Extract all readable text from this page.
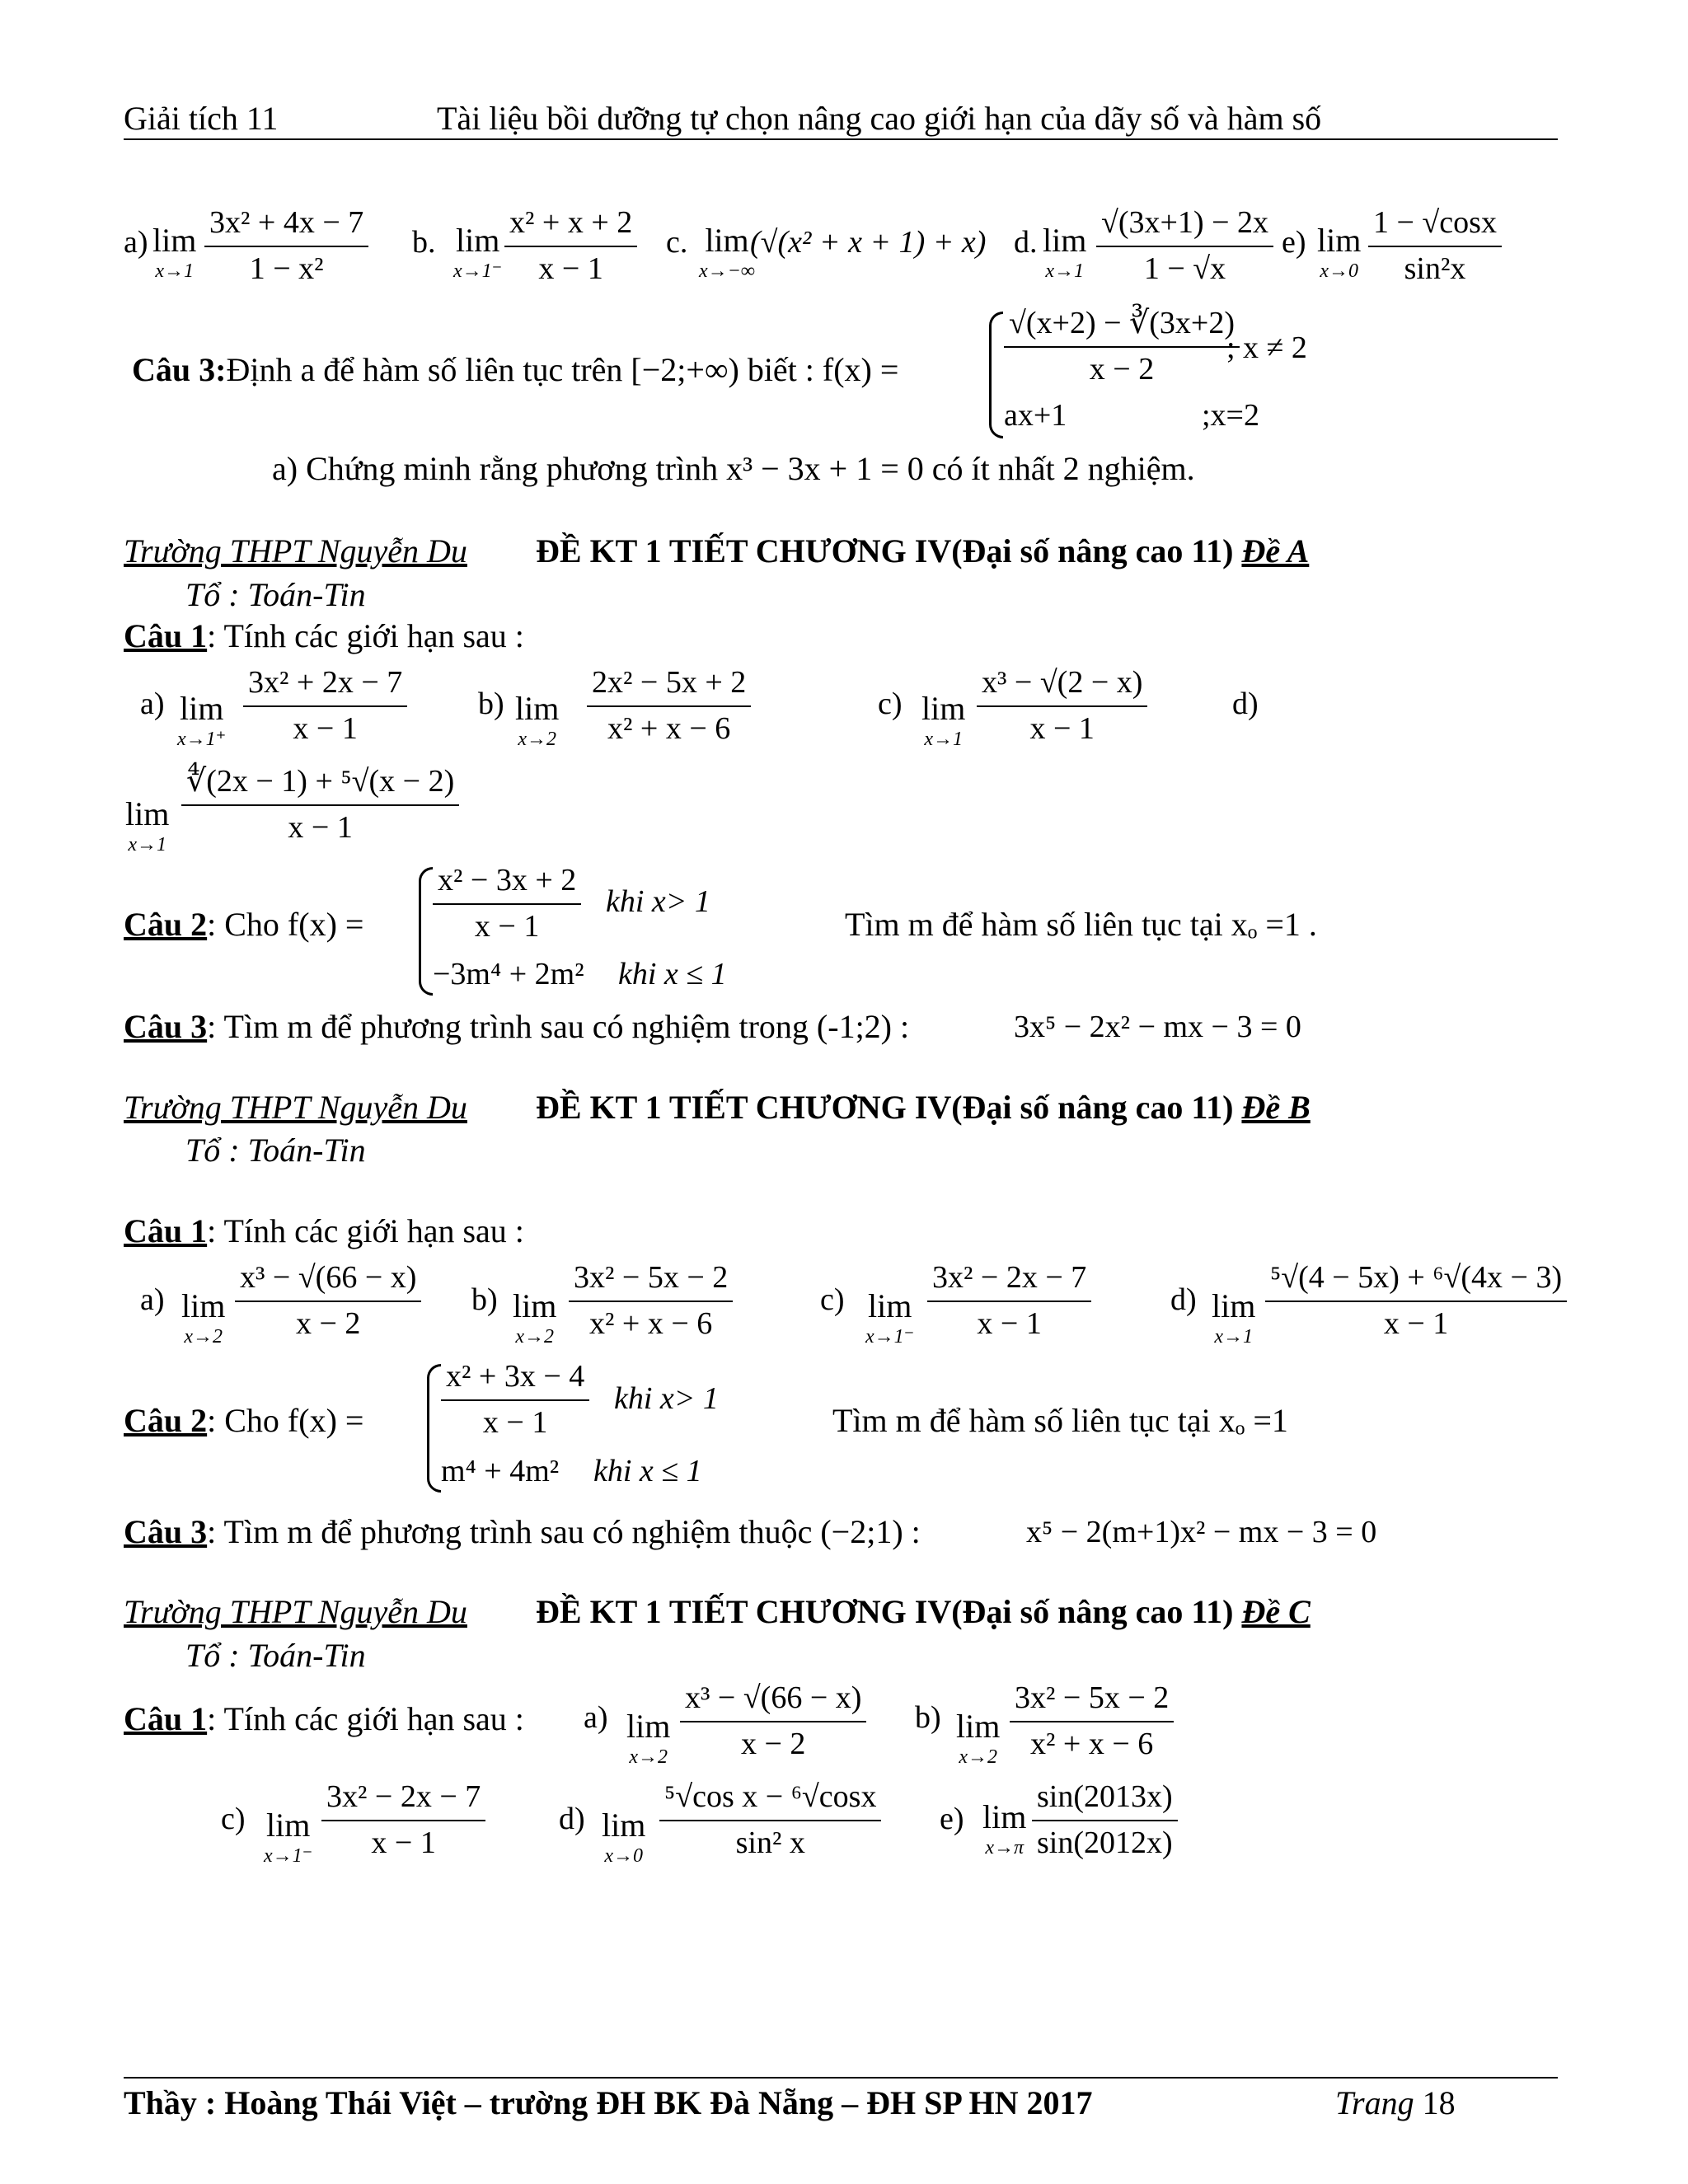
Giải tích 11	Tài liệu bồi dưỡng tự chọn nâng cao giới hạn của dãy số và hàm số
a) lim
$x\to 1 \frac{\text{3x² + 4x − 7}}{\text{1 − x²}} b$. lim
$x\to 1^- \frac{\text{x² + x + 2}}{x - 1} c$. lim
x→−∞
(√(x² + x + 1) + x) d. lim
$x\to 1 \frac{√(3x+1) - 2x}{1 - √x} e$) lim
$x\to 0 \frac{1 - √\cos x}{\text{sin²x}}$
Câu 3:Định a để hàm số liên tục trên [−2;+∞) biết : f(x) =	$\frac{√(x+2) - ∛(3x+2)}{x - 2}$
; x ≠ 2
ax+1	;x=2
a) Chứng minh rằng phương trình x³ − 3x + 1 = 0 có ít nhất 2 nghiệm.
Trường THPT Nguyễn Du ĐỀ KT 1 TIẾT CHƯƠNG IV(Đại số nâng cao 11) Đề A
Tổ : Toán-Tin
Câu 1: Tính các giới hạn sau :
a) lim
$x\to 1^+ \frac{\text{3x² + 2x − 7}}{x - 1} b$) lim
$x\to 2 \frac{\text{2x² − 5x + 2}}{\text{x² + x − 6}}$	c) lim
$x\to 1 \frac{\text{x³ − √(2 − x)}}{x - 1}$	d)
lim
$x\to 1 \frac{\text{∜(2x − 1) + ⁵√(x − 2)}}{x - 1}$
Câu 2: Cho $f(x) = \frac{\text{x² − 3x + 2}}{x - 1}$ khi x> 1
−3m⁴ + 2m² khi x ≤ 1
Tìm m để hàm số liên tục tại xₒ =1 .
Câu 3: Tìm m để phương trình sau có nghiệm trong (-1;2) :	3x⁵ − 2x² − mx − 3 = 0
Trường THPT Nguyễn Du ĐỀ KT 1 TIẾT CHƯƠNG IV(Đại số nâng cao 11) Đề B
Tổ : Toán-Tin
Câu 1: Tính các giới hạn sau :
a) lim
$x\to 2 \frac{\text{x³ − √(66 − x)}}{x - 2} b$) lim
$x\to 2 \frac{\text{3x² − 5x − 2}}{\text{x² + x − 6}}$	c) lim
$x\to 1^- \frac{\text{3x² − 2x − 7}}{x - 1}$	d) lim
$x\to 1 \frac{\text{⁵√(4 − 5x) + ⁶√(4x − 3)}}{x - 1}$
Câu 2: Cho $f(x) = \frac{\text{x² + 3x − 4}}{x - 1}$ khi x> 1
m⁴ + 4m² khi x ≤ 1
Tìm m để hàm số liên tục tại xₒ =1
Câu 3: Tìm m để phương trình sau có nghiệm thuộc (−2;1) :	x⁵ − 2(m+1)x² − mx − 3 = 0
Trường THPT Nguyễn Du ĐỀ KT 1 TIẾT CHƯƠNG IV(Đại số nâng cao 11) Đề C
Tổ : Toán-Tin
Câu 1: Tính các giới hạn sau : a) lim
$x\to 2 \frac{\text{x³ − √(66 − x)}}{x - 2} b$) lim
$x\to 2 \frac{\text{3x² − 5x − 2}}{\text{x² + x − 6}}$
c) lim
$x\to 1^- \frac{\text{3x² − 2x − 7}}{x - 1} d$) lim
$x\to 0 \frac{\text{⁵√cos x − ⁶√cosx}}{\text{sin² x}} e$) lim
$x\to\pi \frac{\sin(2013x)}{\sin(2012x)}$
Thầy : Hoàng Thái Việt – trường ĐH BK Đà Nẵng – ĐH SP HN 2017	Trang 18
